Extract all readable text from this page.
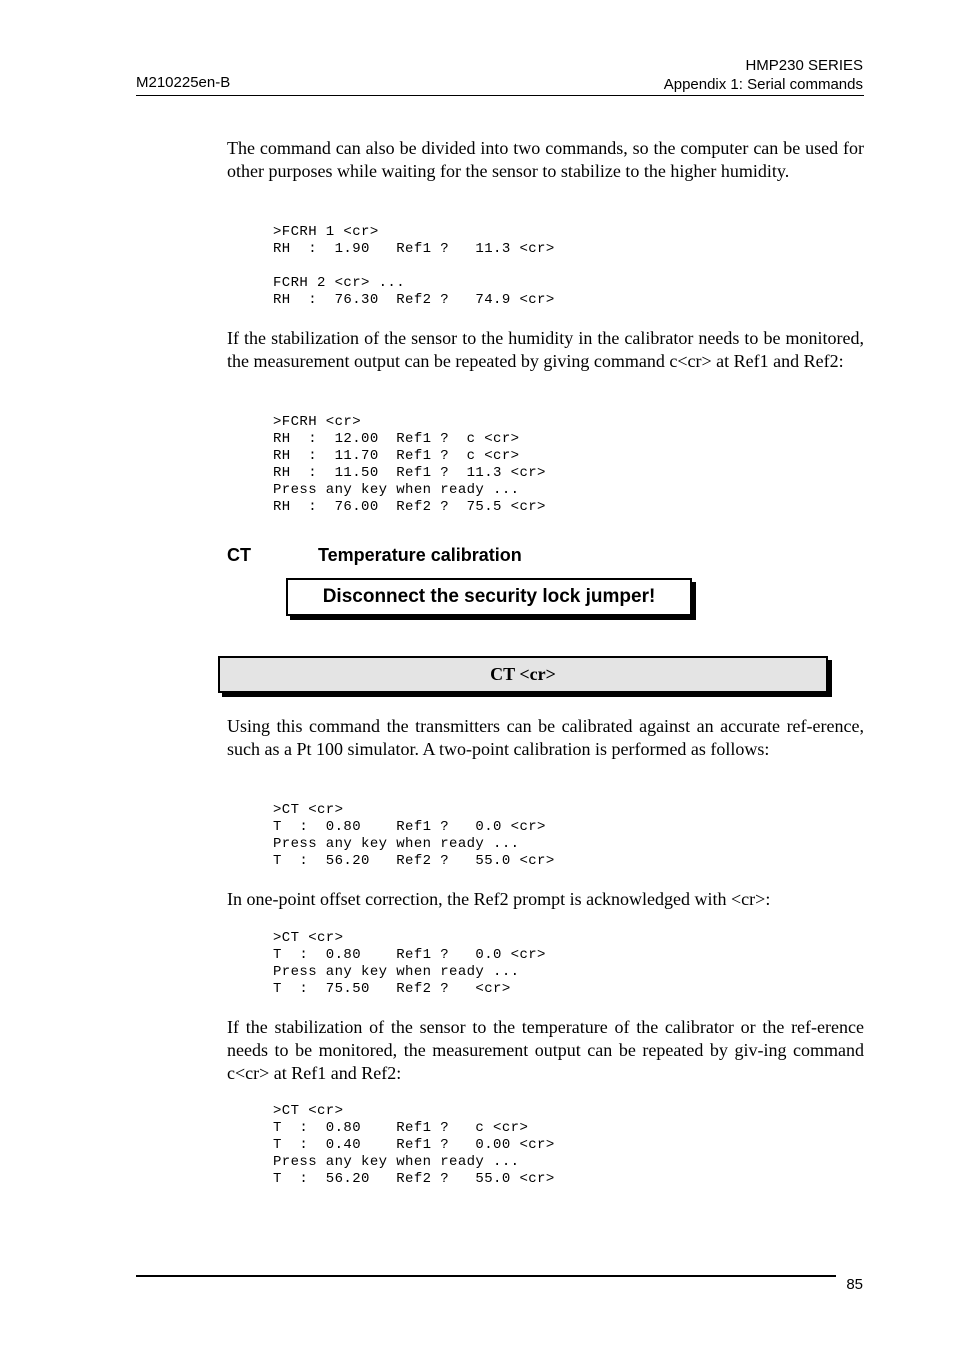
M210225en-B
HMP230 SERIES
Appendix 1: Serial commands
The command can also be divided into two commands, so the computer can be used for other purposes while waiting for the sensor to stabilize to the higher humidity.
>FCRH 1 <cr>
RH  :  1.90   Ref1 ?   11.3 <cr>

FCRH 2 <cr> ...
RH  :  76.30  Ref2 ?   74.9 <cr>
If the stabilization of the sensor to the humidity in the calibrator needs to be monitored, the measurement output can be repeated by giving command c<cr> at Ref1 and Ref2:
>FCRH <cr>
RH  :  12.00  Ref1 ?  c <cr>
RH  :  11.70  Ref1 ?  c <cr>
RH  :  11.50  Ref1 ?  11.3 <cr>
Press any key when ready ...
RH  :  76.00  Ref2 ?  75.5 <cr>
CT	Temperature calibration
Disconnect the security lock jumper!
CT <cr>
Using this command the transmitters can be calibrated against an accurate ref-erence, such as a Pt 100 simulator. A two-point calibration is performed as follows:
>CT <cr>
T  :  0.80    Ref1 ?   0.0 <cr>
Press any key when ready ...
T  :  56.20   Ref2 ?   55.0 <cr>
In one-point offset correction, the Ref2 prompt is acknowledged with <cr>:
>CT <cr>
T  :  0.80    Ref1 ?   0.0 <cr>
Press any key when ready ...
T  :  75.50   Ref2 ?   <cr>
If the stabilization of the sensor to the temperature of the calibrator or the ref-erence needs to be monitored, the measurement output can be repeated by giv-ing command c<cr> at Ref1 and Ref2:
>CT <cr>
T  :  0.80    Ref1 ?   c <cr>
T  :  0.40    Ref1 ?   0.00 <cr>
Press any key when ready ...
T  :  56.20   Ref2 ?   55.0 <cr>
85
